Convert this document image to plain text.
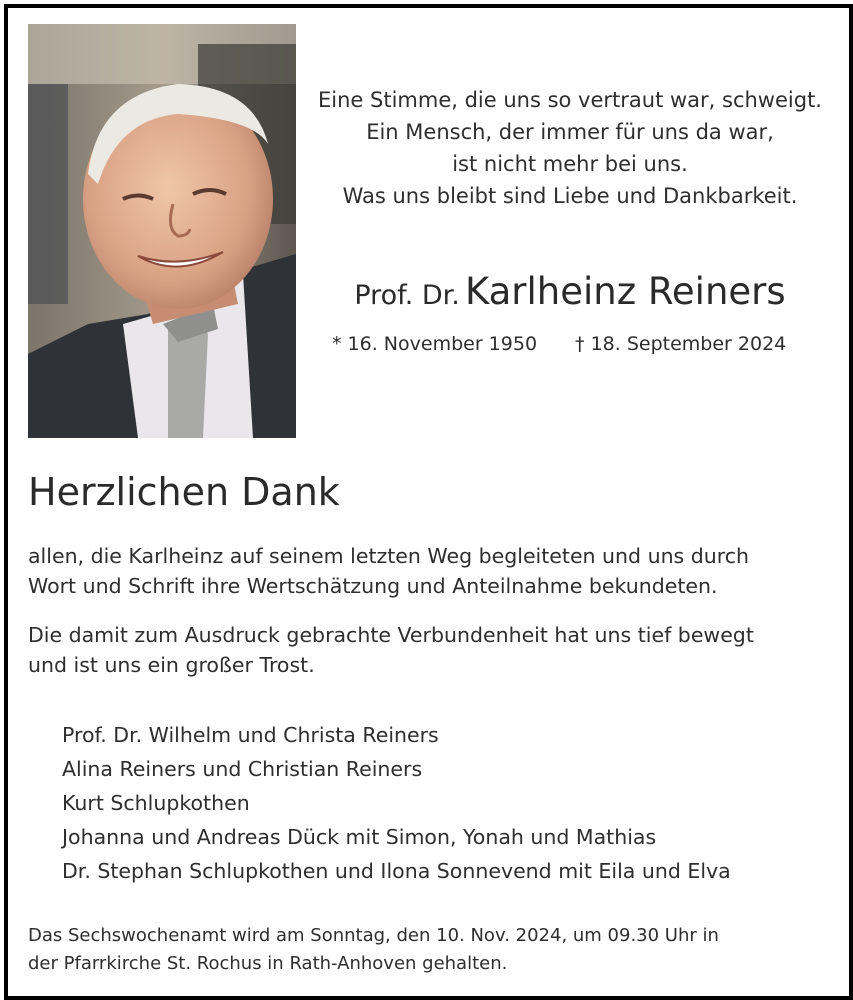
Eine Stimme, die uns so vertraut war, schweigt.
Ein Mensch, der immer für uns da war,
ist nicht mehr bei uns.
Was uns bleibt sind Liebe und Dankbarkeit.
Prof. Dr. Karlheinz Reiners
* 16. November 1950 † 18. September 2024
Herzlichen Dank
allen, die Karlheinz auf seinem letzten Weg begleiteten und uns durch
Wort und Schrift ihre Wertschätzung und Anteilnahme bekundeten.
Die damit zum Ausdruck gebrachte Verbundenheit hat uns tief bewegt
und ist uns ein großer Trost.
Prof. Dr. Wilhelm und Christa Reiners
Alina Reiners und Christian Reiners
Kurt Schlupkothen
Johanna und Andreas Dück mit Simon, Yonah und Mathias
Dr. Stephan Schlupkothen und Ilona Sonnevend mit Eila und Elva
Das Sechswochenamt wird am Sonntag, den 10. Nov. 2024, um 09.30 Uhr in
der Pfarrkirche St. Rochus in Rath-Anhoven gehalten.
